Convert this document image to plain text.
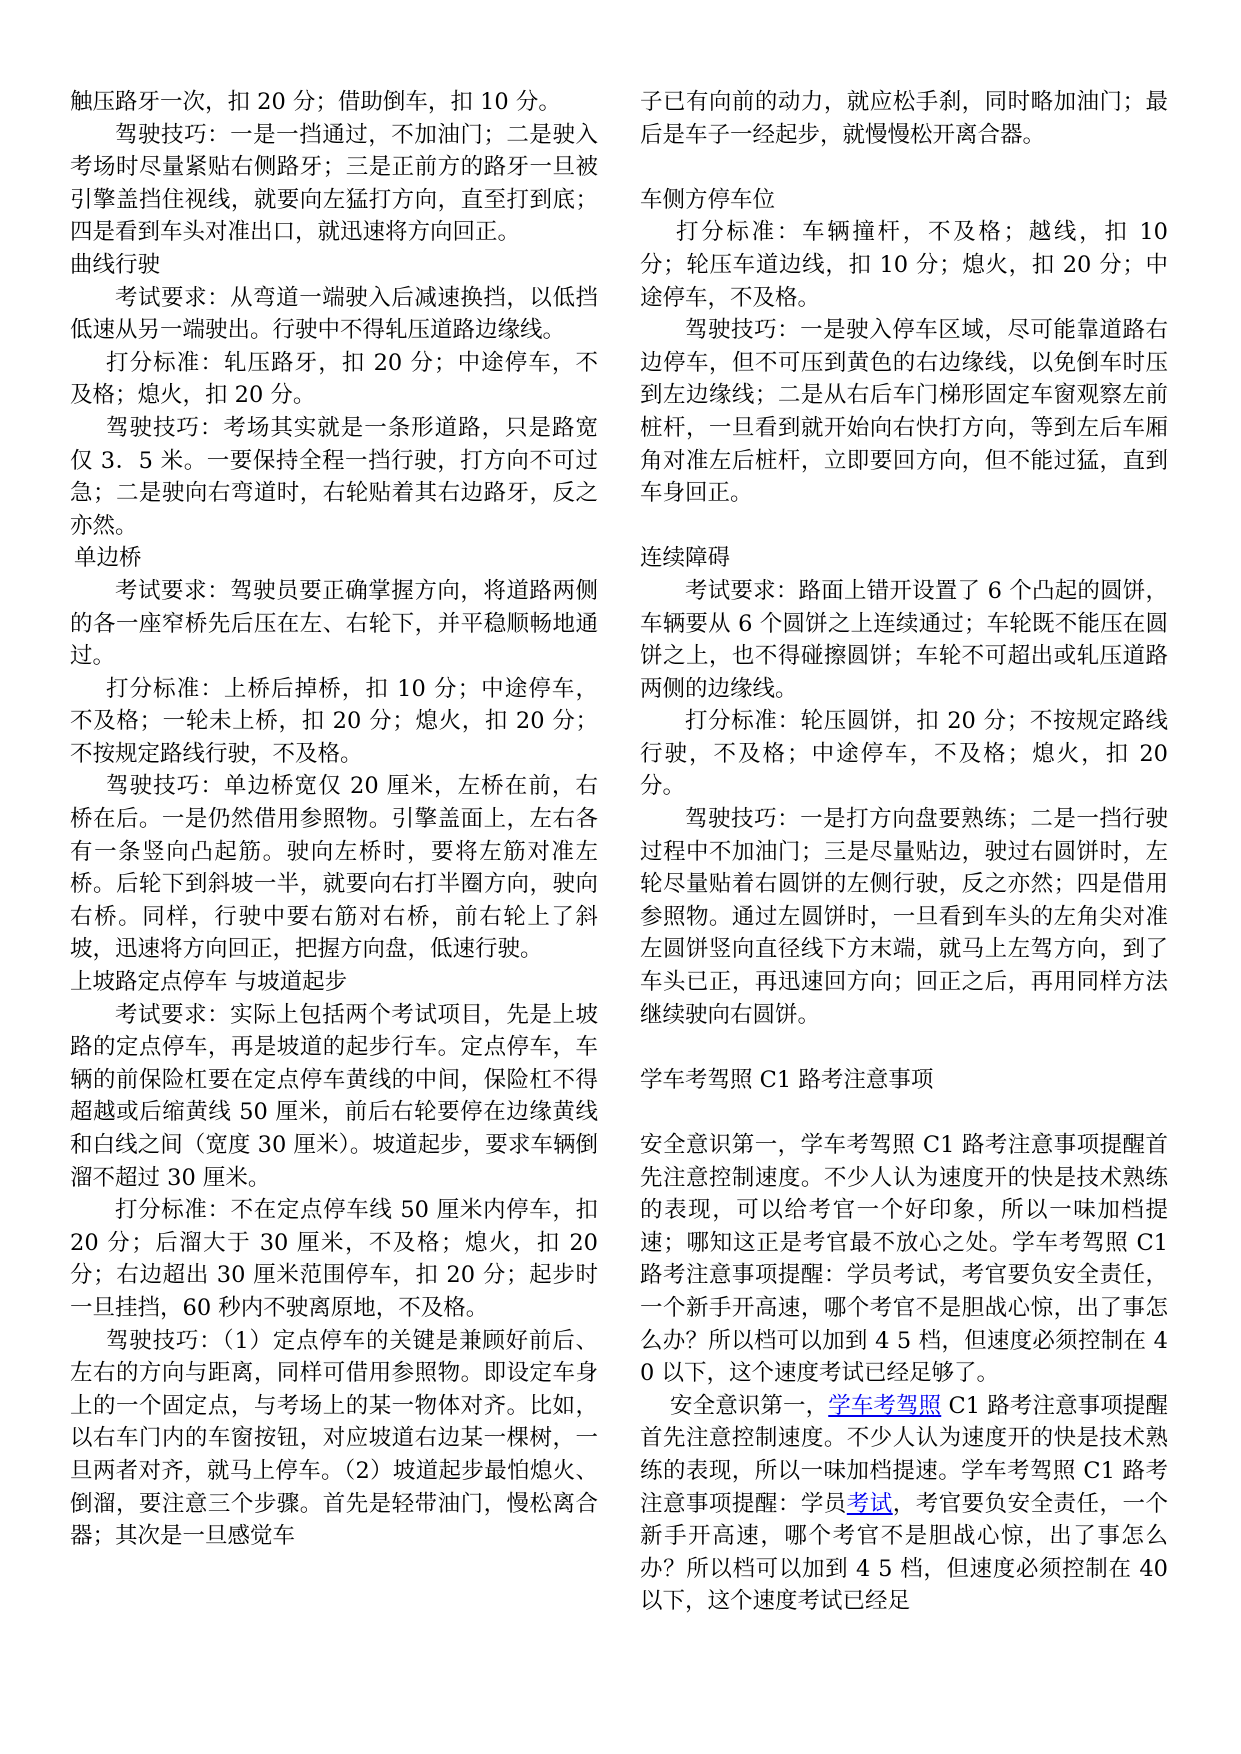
触压路牙一次，扣 20 分；借助倒车，扣 10 分。

驾驶技巧：一是一挡通过，不加油门；二是驶入考场时尽量紧贴右侧路牙；三是正前方的路牙一旦被引擎盖挡住视线，就要向左猛打方向，直至打到底；四是看到车头对准出口，就迅速将方向回正。

曲线行驶

考试要求：从弯道一端驶入后减速换挡，以低挡低速从另一端驶出。行驶中不得轧压道路边缘线。

打分标准：轧压路牙，扣 20 分；中途停车，不及格；熄火，扣 20 分。

驾驶技巧：考场其实就是一条形道路，只是路宽仅 3．5 米。一要保持全程一挡行驶，打方向不可过急；二是驶向右弯道时，右轮贴着其右边路牙，反之亦然。

单边桥

考试要求：驾驶员要正确掌握方向，将道路两侧的各一座窄桥先后压在左、右轮下，并平稳顺畅地通过。

打分标准：上桥后掉桥，扣 10 分；中途停车，不及格；一轮未上桥，扣 20 分；熄火，扣 20 分；不按规定路线行驶，不及格。

驾驶技巧：单边桥宽仅 20 厘米，左桥在前，右桥在后。一是仍然借用参照物。引擎盖面上，左右各有一条竖向凸起筋。驶向左桥时，要将左筋对准左桥。后轮下到斜坡一半，就要向右打半圈方向，驶向右桥。同样，行驶中要右筋对右桥，前右轮上了斜坡，迅速将方向回正，把握方向盘，低速行驶。

上坡路定点停车 与坡道起步

考试要求：实际上包括两个考试项目，先是上坡路的定点停车，再是坡道的起步行车。定点停车，车辆的前保险杠要在定点停车黄线的中间，保险杠不得超越或后缩黄线 50 厘米，前后右轮要停在边缘黄线和白线之间（宽度 30 厘米）。坡道起步，要求车辆倒溜不超过 30 厘米。

打分标准：不在定点停车线 50 厘米内停车，扣 20 分；后溜大于 30 厘米，不及格；熄火，扣 20 分；右边超出 30 厘米范围停车，扣 20 分；起步时一旦挂挡，60 秒内不驶离原地，不及格。

驾驶技巧：（1）定点停车的关键是兼顾好前后、左右的方向与距离，同样可借用参照物。即设定车身上的一个固定点，与考场上的某一物体对齐。比如，以右车门内的车窗按钮，对应坡道右边某一棵树，一旦两者对齐，就马上停车。（2）坡道起步最怕熄火、倒溜，要注意三个步骤。首先是轻带油门，慢松离合器；其次是一旦感觉车

子已有向前的动力，就应松手刹，同时略加油门；最后是车子一经起步，就慢慢松开离合器。

车侧方停车位

打分标准：车辆撞杆，不及格；越线，扣 10 分；轮压车道边线，扣 10 分；熄火，扣 20 分；中途停车，不及格。

驾驶技巧：一是驶入停车区域，尽可能靠道路右边停车，但不可压到黄色的右边缘线，以免倒车时压到左边缘线；二是从右后车门梯形固定车窗观察左前桩杆，一旦看到就开始向右快打方向，等到左后车厢角对准左后桩杆，立即要回方向，但不能过猛，直到车身回正。

连续障碍

考试要求：路面上错开设置了 6 个凸起的圆饼，车辆要从 6 个圆饼之上连续通过；车轮既不能压在圆饼之上，也不得碰擦圆饼；车轮不可超出或轧压道路两侧的边缘线。

打分标准：轮压圆饼，扣 20 分；不按规定路线行驶，不及格；中途停车，不及格；熄火，扣 20 分。

驾驶技巧：一是打方向盘要熟练；二是一挡行驶过程中不加油门；三是尽量贴边，驶过右圆饼时，左轮尽量贴着右圆饼的左侧行驶，反之亦然；四是借用参照物。通过左圆饼时，一旦看到车头的左角尖对准左圆饼竖向直径线下方末端，就马上左驾方向，到了车头已正，再迅速回方向；回正之后，再用同样方法继续驶向右圆饼。

学车考驾照 C1 路考注意事项

安全意识第一，学车考驾照 C1 路考注意事项提醒首先注意控制速度。不少人认为速度开的快是技术熟练的表现，可以给考官一个好印象，所以一味加档提速；哪知这正是考官最不放心之处。学车考驾照 C1 路考注意事项提醒：学员考试，考官要负安全责任，一个新手开高速，哪个考官不是胆战心惊，出了事怎么办？所以档可以加到 4 5 档，但速度必须控制在 40 以下，这个速度考试已经足够了。

安全意识第一，学车考驾照 C1 路考注意事项提醒首先注意控制速度。不少人认为速度开的快是技术熟练的表现，所以一味加档提速。学车考驾照 C1 路考注意事项提醒：学员考试，考官要负安全责任，一个新手开高速，哪个考官不是胆战心惊，出了事怎么办？所以档可以加到 4 5 档，但速度必须控制在 40 以下，这个速度考试已经足
